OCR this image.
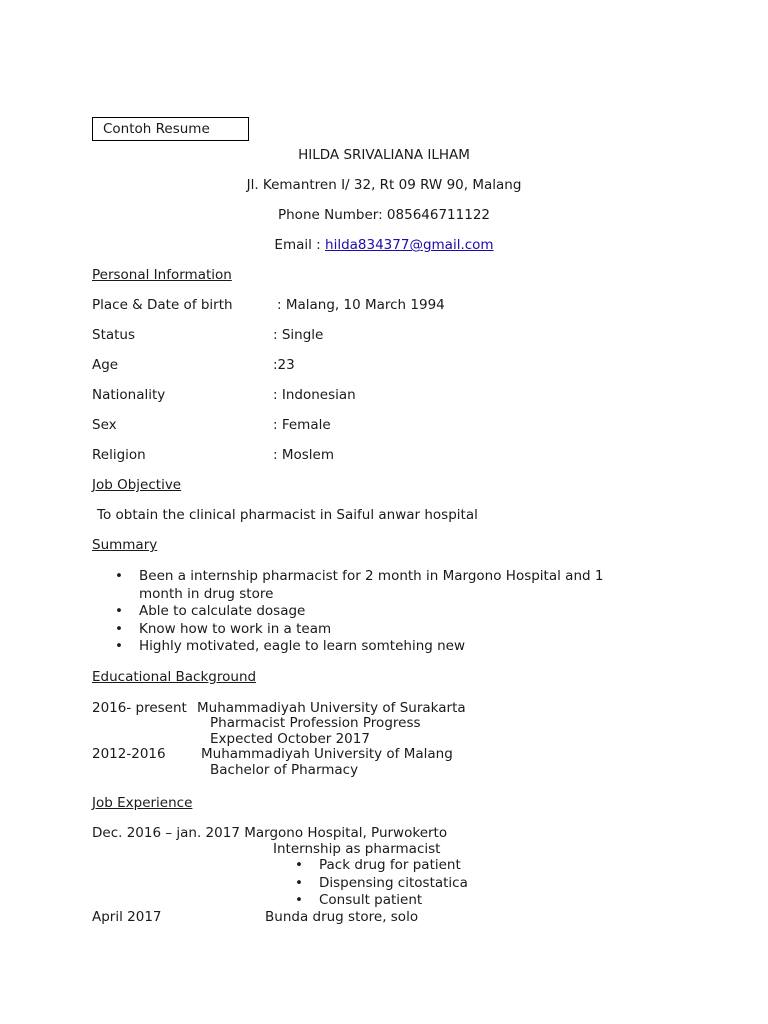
Contoh Resume
HILDA SRIVALIANA ILHAM
Jl. Kemantren I/ 32, Rt 09 RW 90, Malang
Phone Number: 085646711122
Email : hilda834377@gmail.com
Personal Information
Place & Date of birth	: Malang, 10 March 1994
Status	: Single
Age	:23
Nationality	: Indonesian
Sex	: Female
Religion	: Moslem
Job Objective
To obtain the clinical pharmacist in Saiful anwar hospital
Summary
• Been a internship pharmacist for 2 month in Margono Hospital and 1 month in drug store
• Able to calculate dosage
• Know how to work in a team
• Highly motivated, eagle to learn somtehing new
Educational Background
2016- present Muhammadiyah University of Surakarta
Pharmacist Profession Progress
Expected October 2017
2012-2016	Muhammadiyah University of Malang
Bachelor of Pharmacy
Job Experience
Dec. 2016 – jan. 2017 Margono Hospital, Purwokerto
Internship as pharmacist
• Pack drug for patient
• Dispensing citostatica
• Consult patient
April 2017	Bunda drug store, solo
